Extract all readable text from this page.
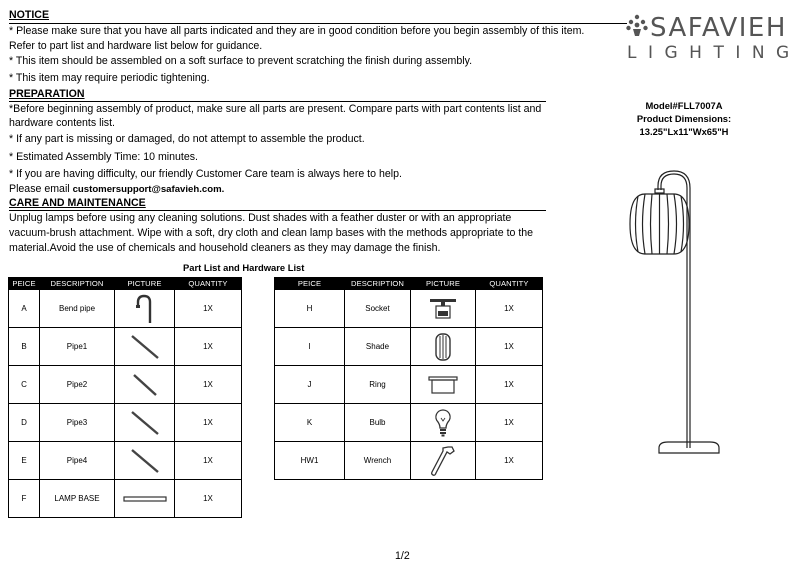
NOTICE
* Please make sure that you have all parts indicated and they are in good condition before you begin assembly of this item.
Refer to part list and hardware list below for guidance.
* This item should be assembled on a soft surface to prevent scratching the finish during assembly.
* This item may require periodic tightening.
PREPARATION
*Before beginning assembly of product, make sure all parts are present. Compare parts with part contents list and
hardware contents list.
* If any part is missing or damaged, do not attempt to assemble the product.
* Estimated Assembly Time: 10 minutes.
* If you are having difficulty, our friendly Customer Care team is always here to help.
Please email customersupport@safavieh.com.
CARE AND MAINTENANCE
Unplug lamps before using any cleaning solutions. Dust shades with a feather duster or with an appropriate
vacuum-brush attachment. Wipe with a soft, dry cloth and clean lamp bases with the methods appropriate to the
material.Avoid the use of chemicals and household cleaners as they may damage the finish.
SAFAVIEH
LIGHTING
Model#FLL7007A
Product Dimensions:
13.25"Lx11"Wx65"H
Part List and Hardware List
PEICE	DESCRIPTION	PICTURE	QUANTITY
A	Bend pipe		1X
B	Pipe1		1X
C	Pipe2		1X
D	Pipe3		1X
E	Pipe4		1X
F	LAMP BASE		1X
PEICE	DESCRIPTION	PICTURE	QUANTITY
H	Socket		1X
I	Shade		1X
J	Ring		1X
K	Bulb		1X
HW1	Wrench		1X
1/2
